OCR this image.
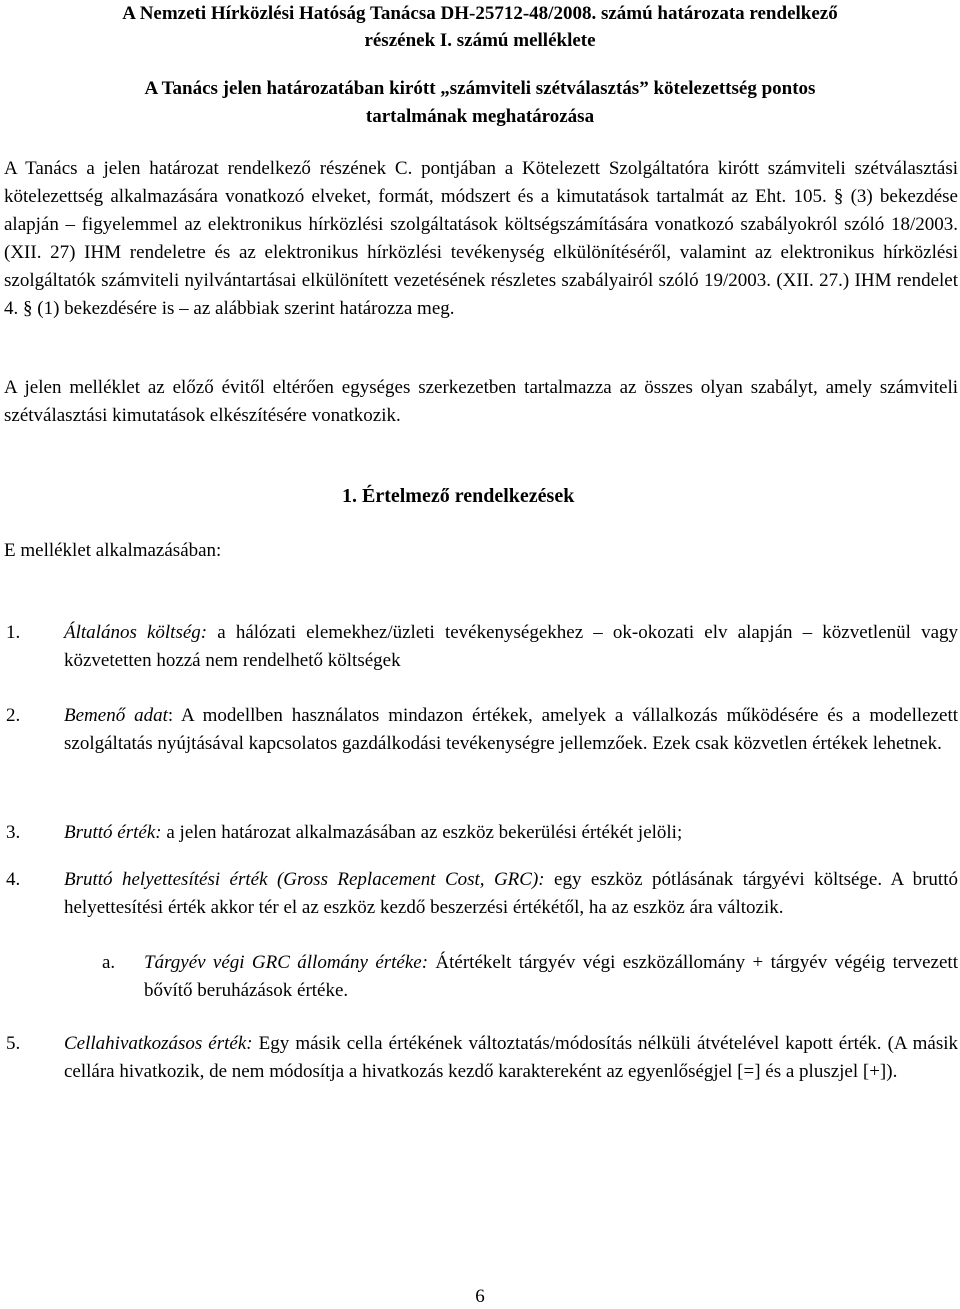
A Nemzeti Hírközlési Hatóság Tanácsa DH-25712-48/2008. számú határozata rendelkező
részének I. számú melléklete
A Tanács jelen határozatában kirótt „számviteli szétválasztás” kötelezettség pontos
tartalmának meghatározása

A Tanács a jelen határozat rendelkező részének C. pontjában a Kötelezett Szolgáltatóra kirótt számviteli szétválasztási kötelezettség alkalmazására vonatkozó elveket, formát, módszert és a kimutatások tartalmát az Eht. 105. § (3) bekezdése alapján – figyelemmel az elektronikus hírközlési szolgáltatások költségszámítására vonatkozó szabályokról szóló 18/2003. (XII. 27) IHM rendeletre és az elektronikus hírközlési tevékenység elkülönítéséről, valamint az elektronikus hírközlési szolgáltatók számviteli nyilvántartásai elkülönített vezetésének részletes szabályairól szóló 19/2003. (XII. 27.) IHM rendelet 4. § (1) bekezdésére is – az alábbiak szerint határozza meg.

A jelen melléklet az előző évitől eltérően egységes szerkezetben tartalmazza az összes olyan szabályt, amely számviteli szétválasztási kimutatások elkészítésére vonatkozik.

1. Értelmező rendelkezések
E melléklet alkalmazásában:
1. Általános költség: a hálózati elemekhez/üzleti tevékenységekhez – ok-okozati elv alapján – közvetlenül vagy közvetetten hozzá nem rendelhető költségek
2. Bemenő adat: A modellben használatos mindazon értékek, amelyek a vállalkozás működésére és a modellezett szolgáltatás nyújtásával kapcsolatos gazdálkodási tevékenységre jellemzőek. Ezek csak közvetlen értékek lehetnek.
3. Bruttó érték: a jelen határozat alkalmazásában az eszköz bekerülési értékét jelöli;
4. Bruttó helyettesítési érték (Gross Replacement Cost, GRC): egy eszköz pótlásának tárgyévi költsége. A bruttó helyettesítési érték akkor tér el az eszköz kezdő beszerzési értékétől, ha az eszköz ára változik.
a. Tárgyév végi GRC állomány értéke: Átértékelt tárgyév végi eszközállomány + tárgyév végéig tervezett bővítő beruházások értéke.
5. Cellahivatkozásos érték: Egy másik cella értékének változtatás/módosítás nélküli átvételével kapott érték. (A másik cellára hivatkozik, de nem módosítja a hivatkozás kezdő karaktereként az egyenlőségjel [=] és a pluszjel [+]).
6
